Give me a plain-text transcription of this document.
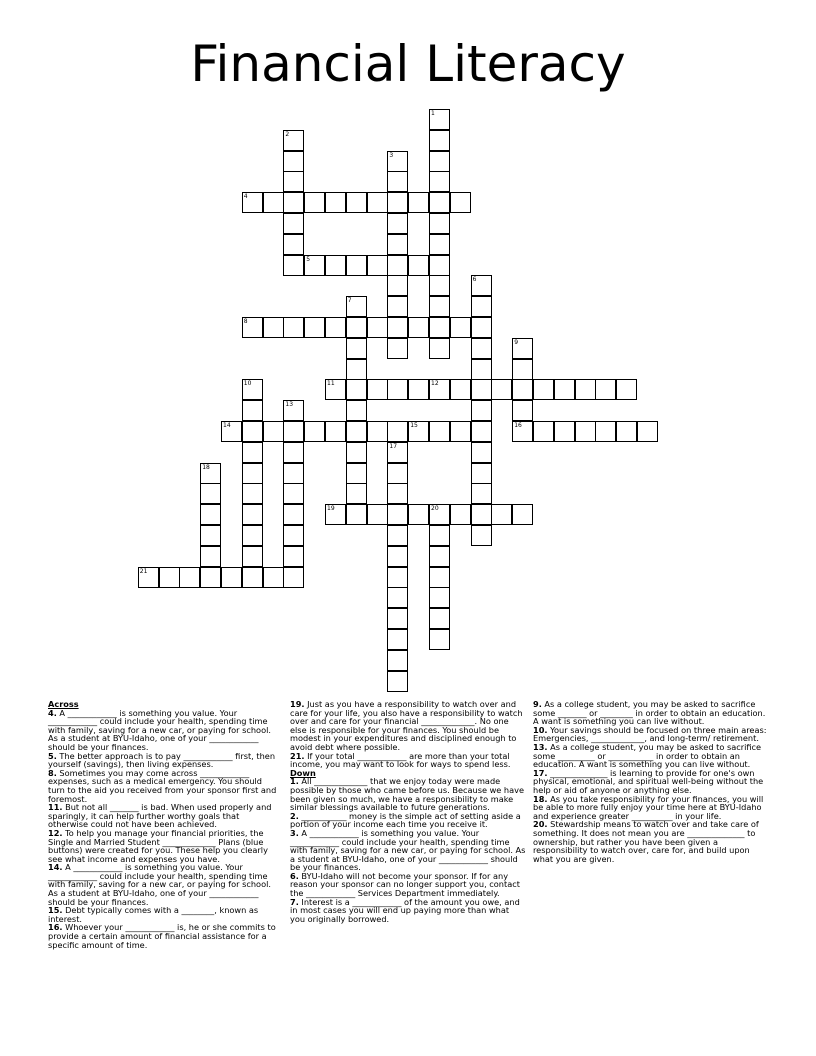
Financial Literacy
1
2
3
4
5
6
7
8
9
10	11	12
13
14	15	16
17
18
19	20
21
Across

4. A ____________ is something you value. Your ____________ could include your health, spending time with family, saving for a new car, or paying for school. As a student at BYU-Idaho, one of your ____________ should be your finances.

5. The better approach is to pay ____________ first, then yourself (savings), then living expenses.

8. Sometimes you may come across ____________ expenses, such as a medical emergency. You should turn to the aid you received from your sponsor first and foremost.

11. But not all _______ is bad. When used properly and sparingly, it can help further worthy goals that otherwise could not have been achieved.

12. To help you manage your financial priorities, the Single and Married Student _____________ Plans (blue buttons) were created for you. These help you clearly see what income and expenses you have.

14. A ____________ is something you value. Your ____________ could include your health, spending time with family, saving for a new car, or paying for school. As a student at BYU-Idaho, one of your ____________ should be your finances.

15. Debt typically comes with a ________, known as interest.

16. Whoever your ____________ is, he or she commits to provide a certain amount of financial assistance for a specific amount of time.

19. Just as you have a responsibility to watch over and care for your life, you also have a responsibility to watch over and care for your financial _____________. No one else is responsible for your finances. You should be modest in your expenditures and disciplined enough to avoid debt where possible.

21. If your total ____________ are more than your total income, you may want to look for ways to spend less.

Down

1. All _____________ that we enjoy today were made possible by those who came before us. Because we have been given so much, we have a responsibility to make similar blessings available to future generations.

2. ___________ money is the simple act of setting aside a portion of your income each time you receive it.

3. A ____________ is something you value. Your ____________ could include your health, spending time with family, saving for a new car, or paying for school. As a student at BYU-Idaho, one of your ____________ should be your finances.

6. BYU-Idaho will not become your sponsor. If for any reason your sponsor can no longer support you, contact the ____________ Services Department immediately.

7. Interest is a ____________ of the amount you owe, and in most cases you will end up paying more than what you originally borrowed.

9. As a college student, you may be asked to sacrifice some _______ or ________ in order to obtain an education. A want is something you can live without.

10. Your savings should be focused on three main areas: Emergencies, _____________, and long-term/ retirement.

13. As a college student, you may be asked to sacrifice some _________ or ___________ in order to obtain an education. A want is something you can live without.

17. ______________ is learning to provide for one's own physical, emotional, and spiritual well-being without the help or aid of anyone or anything else.

18. As you take responsibility for your finances, you will be able to more fully enjoy your time here at BYU-Idaho and experience greater __________ in your life.

20. Stewardship means to watch over and take care of something. It does not mean you are ______________ to ownership, but rather you have been given a responsibility to watch over, care for, and build upon what you are given.
